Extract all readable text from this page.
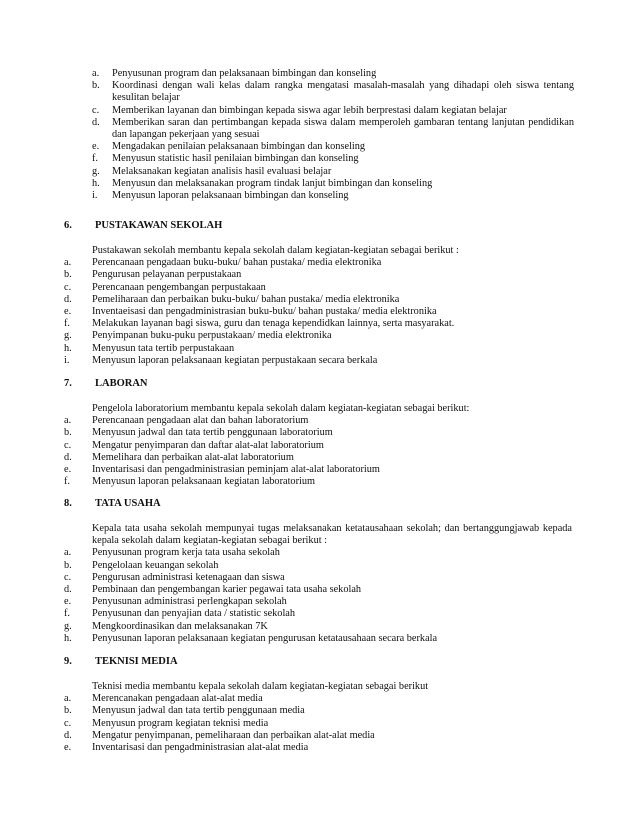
a. Penyusunan program dan pelaksanaan bimbingan dan konseling
b. Koordinasi dengan wali kelas dalam rangka mengatasi masalah-masalah yang dihadapi oleh siswa tentang kesulitan belajar
c. Memberikan layanan dan bimbingan kepada siswa agar lebih berprestasi dalam kegiatan belajar
d. Memberikan saran dan pertimbangan kepada siswa dalam memperoleh gambaran tentang lanjutan pendidikan dan lapangan pekerjaan yang sesuai
e. Mengadakan penilaian pelaksanaan bimbingan dan konseling
f. Menyusun statistic hasil penilaian bimbingan dan konseling
g. Melaksanakan kegiatan analisis hasil evaluasi belajar
h. Menyusun dan melaksanakan program tindak lanjut bimbingan dan konseling
i. Menyusun laporan pelaksanaan bimbingan dan konseling
6. PUSTAKAWAN SEKOLAH
Pustakawan sekolah membantu kepala sekolah dalam kegiatan-kegiatan sebagai berikut :
a. Perencanaan pengadaan buku-buku/ bahan pustaka/ media elektronika
b. Pengurusan pelayanan perpustakaan
c. Perencanaan pengembangan perpustakaan
d. Pemeliharaan dan perbaikan buku-buku/ bahan pustaka/ media elektronika
e. Inventaeisasi dan pengadministrasian buku-buku/ bahan pustaka/ media elektronika
f. Melakukan layanan bagi siswa, guru dan tenaga kependidkan lainnya, serta masyarakat.
g. Penyimpanan buku-puku perpustakaan/ media elektronika
h. Menyusun tata tertib perpustakaan
i. Menyusun laporan pelaksanaan kegiatan perpustakaan secara berkala
7. LABORAN
Pengelola laboratorium membantu kepala sekolah dalam kegiatan-kegiatan sebagai berikut:
a. Perencanaan pengadaan alat dan bahan laboratorium
b. Menyusun jadwal dan tata tertib penggunaan laboratorium
c. Mengatur penyimparan dan daftar alat-alat laboratorium
d. Memelihara dan perbaikan alat-alat laboratorium
e. Inventarisasi dan pengadministrasian peminjam alat-alat laboratorium
f. Menyusun laporan pelaksanaan kegiatan laboratorium
8. TATA USAHA
Kepala tata usaha sekolah mempunyai tugas melaksanakan ketatausahaan sekolah; dan bertanggungjawab kepada kepala sekolah dalam kegiatan-kegiatan sebagai berikut :
a. Penyusunan program kerja tata usaha sekolah
b. Pengelolaan keuangan sekolah
c. Pengurusan administrasi ketenagaan dan siswa
d. Pembinaan dan pengembangan karier pegawai tata usaha sekolah
e. Penyusunan administrasi perlengkapan sekolah
f. Penyusunan dan penyajian data / statistic sekolah
g. Mengkoordinasikan dan melaksanakan 7K
h. Penyusunan laporan pelaksanaan kegiatan pengurusan ketatausahaan secara berkala
9. TEKNISI MEDIA
Teknisi media membantu kepala sekolah dalam kegiatan-kegiatan sebagai berikut
a. Merencanakan pengadaan alat-alat media
b. Menyusun jadwal dan tata tertib penggunaan media
c. Menyusun program kegiatan teknisi media
d. Mengatur penyimpanan, pemeliharaan dan perbaikan alat-alat media
e. Inventarisasi dan pengadministrasian alat-alat media
